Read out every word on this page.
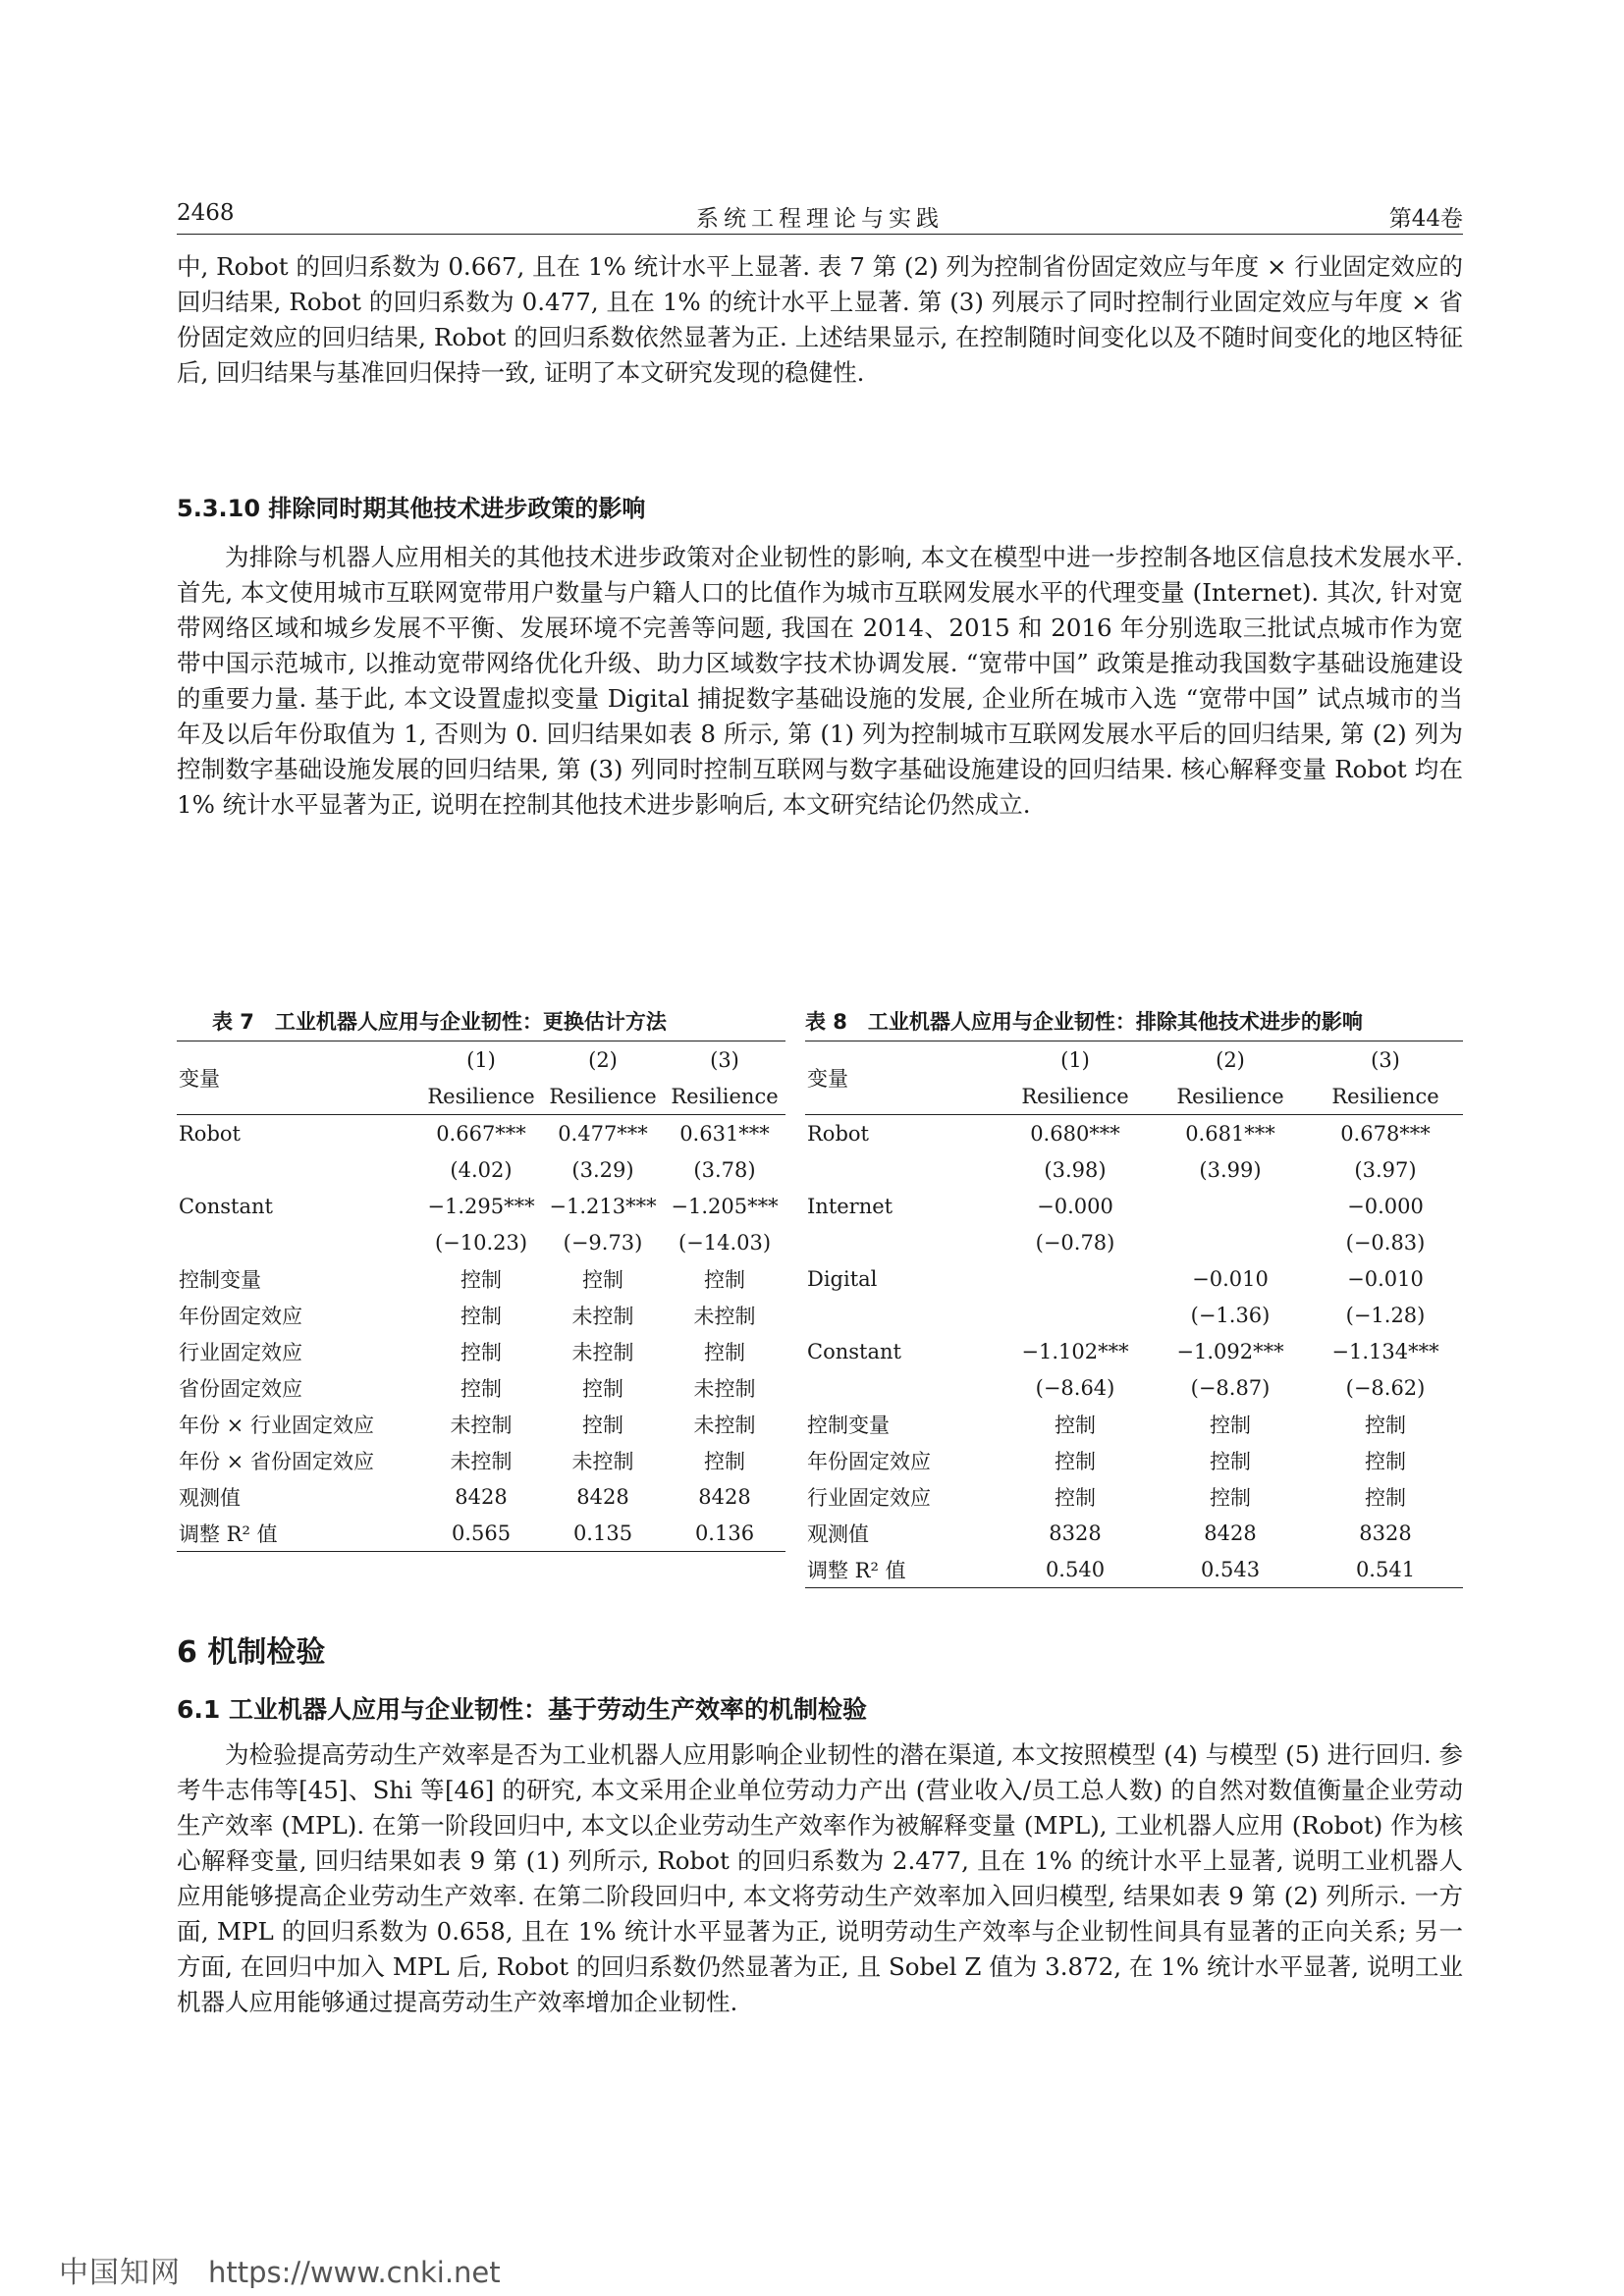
2468	系统工程理论与实践	第44卷

中, Robot 的回归系数为 0.667, 且在 1% 统计水平上显著. 表 7 第 (2) 列为控制省份固定效应与年度 × 行业固定效应的回归结果, Robot 的回归系数为 0.477, 且在 1% 的统计水平上显著. 第 (3) 列展示了同时控制行业固定效应与年度 × 省份固定效应的回归结果, Robot 的回归系数依然显著为正. 上述结果显示, 在控制随时间变化以及不随时间变化的地区特征后, 回归结果与基准回归保持一致, 证明了本文研究发现的稳健性.

5.3.10 排除同时期其他技术进步政策的影响

为排除与机器人应用相关的其他技术进步政策对企业韧性的影响, 本文在模型中进一步控制各地区信息技术发展水平. 首先, 本文使用城市互联网宽带用户数量与户籍人口的比值作为城市互联网发展水平的代理变量 (Internet). 其次, 针对宽带网络区域和城乡发展不平衡、发展环境不完善等问题, 我国在 2014、2015 和 2016 年分别选取三批试点城市作为宽带中国示范城市, 以推动宽带网络优化升级、助力区域数字技术协调发展. “宽带中国” 政策是推动我国数字基础设施建设的重要力量. 基于此, 本文设置虚拟变量 Digital 捕捉数字基础设施的发展, 企业所在城市入选 “宽带中国” 试点城市的当年及以后年份取值为 1, 否则为 0. 回归结果如表 8 所示, 第 (1) 列为控制城市互联网发展水平后的回归结果, 第 (2) 列为控制数字基础设施发展的回归结果, 第 (3) 列同时控制互联网与数字基础设施建设的回归结果. 核心解释变量 Robot 均在 1% 统计水平显著为正, 说明在控制其他技术进步影响后, 本文研究结论仍然成立.

表 7　工业机器人应用与企业韧性：更换估计方法
变量	(1)	(2)	(3)
	Resilience	Resilience	Resilience
Robot	0.667***	0.477***	0.631***
	(4.02)	(3.29)	(3.78)
Constant	−1.295***	−1.213***	−1.205***
	(−10.23)	(−9.73)	(−14.03)
控制变量	控制	控制	控制
年份固定效应	控制	未控制	未控制
行业固定效应	控制	未控制	控制
省份固定效应	控制	控制	未控制
年份 × 行业固定效应	未控制	控制	未控制
年份 × 省份固定效应	未控制	未控制	控制
观测值	8428	8428	8428
调整 R² 值	0.565	0.135	0.136
表 8　工业机器人应用与企业韧性：排除其他技术进步的影响
变量	(1)	(2)	(3)
	Resilience	Resilience	Resilience
Robot	0.680***	0.681***	0.678***
	(3.98)	(3.99)	(3.97)
Internet	−0.000		−0.000
	(−0.78)		(−0.83)
Digital		−0.010	−0.010
		(−1.36)	(−1.28)
Constant	−1.102***	−1.092***	−1.134***
	(−8.64)	(−8.87)	(−8.62)
控制变量	控制	控制	控制
年份固定效应	控制	控制	控制
行业固定效应	控制	控制	控制
观测值	8328	8428	8328
调整 R² 值	0.540	0.543	0.541
6 机制检验
6.1 工业机器人应用与企业韧性：基于劳动生产效率的机制检验

为检验提高劳动生产效率是否为工业机器人应用影响企业韧性的潜在渠道, 本文按照模型 (4) 与模型 (5) 进行回归. 参考牛志伟等[45]、Shi 等[46] 的研究, 本文采用企业单位劳动力产出 (营业收入/员工总人数) 的自然对数值衡量企业劳动生产效率 (MPL). 在第一阶段回归中, 本文以企业劳动生产效率作为被解释变量 (MPL), 工业机器人应用 (Robot) 作为核心解释变量, 回归结果如表 9 第 (1) 列所示, Robot 的回归系数为 2.477, 且在 1% 的统计水平上显著, 说明工业机器人应用能够提高企业劳动生产效率. 在第二阶段回归中, 本文将劳动生产效率加入回归模型, 结果如表 9 第 (2) 列所示. 一方面, MPL 的回归系数为 0.658, 且在 1% 统计水平显著为正, 说明劳动生产效率与企业韧性间具有显著的正向关系; 另一方面, 在回归中加入 MPL 后, Robot 的回归系数仍然显著为正, 且 Sobel Z 值为 3.872, 在 1% 统计水平显著, 说明工业机器人应用能够通过提高劳动生产效率增加企业韧性.

中国知网 https://www.cnki.net
